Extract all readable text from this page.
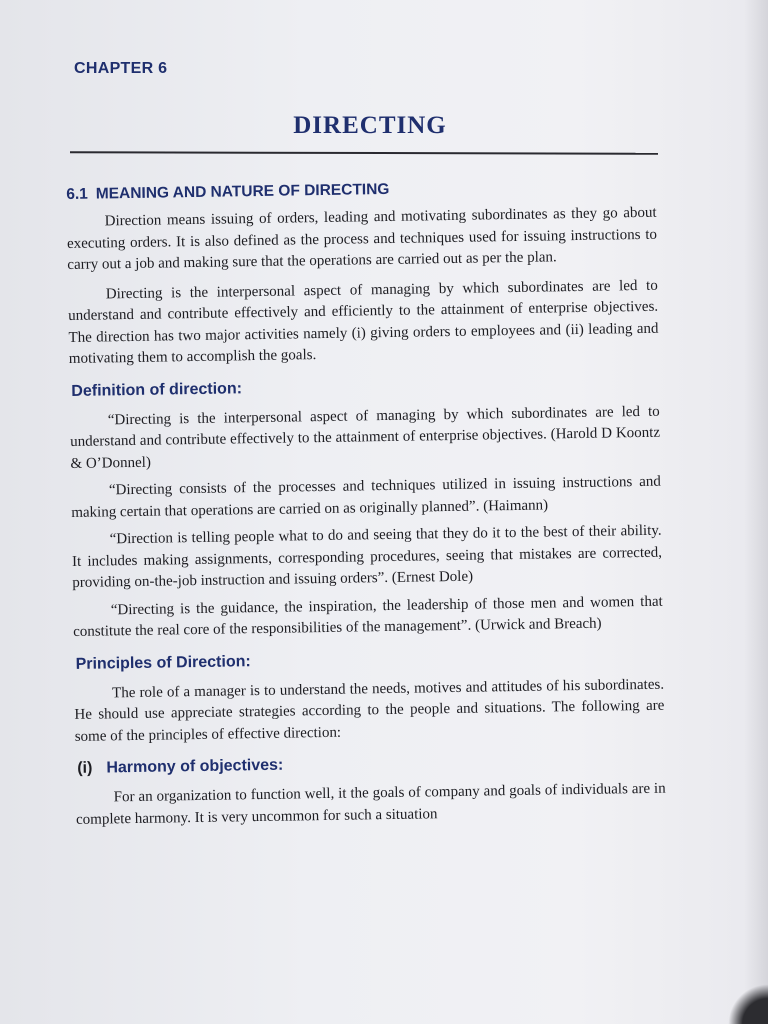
CHAPTER 6
DIRECTING
6.1 MEANING AND NATURE OF DIRECTING

Direction means issuing of orders, leading and motivating subordinates as they go about executing orders. It is also defined as the process and techniques used for issuing instructions to carry out a job and making sure that the operations are carried out as per the plan.

Directing is the interpersonal aspect of managing by which subordinates are led to understand and contribute effectively and efficiently to the attainment of enterprise objectives. The direction has two major activities namely (i) giving orders to employees and (ii) leading and motivating them to accomplish the goals.

Definition of direction:

“Directing is the interpersonal aspect of managing by which subordinates are led to understand and contribute effectively to the attainment of enterprise objectives. (Harold D Koontz & O’Donnel)

“Directing consists of the processes and techniques utilized in issuing instructions and making certain that operations are carried on as originally planned”. (Haimann)

“Direction is telling people what to do and seeing that they do it to the best of their ability. It includes making assignments, corresponding procedures, seeing that mistakes are corrected, providing on-the-job instruction and issuing orders”. (Ernest Dole)

“Directing is the guidance, the inspiration, the leadership of those men and women that constitute the real core of the responsibilities of the management”. (Urwick and Breach)

Principles of Direction:

The role of a manager is to understand the needs, motives and attitudes of his subordinates. He should use appreciate strategies according to the people and situations. The following are some of the principles of effective direction:

(i) Harmony of objectives:

For an organization to function well, it the goals of company and goals of individuals are in complete harmony. It is very uncommon for such a situation
